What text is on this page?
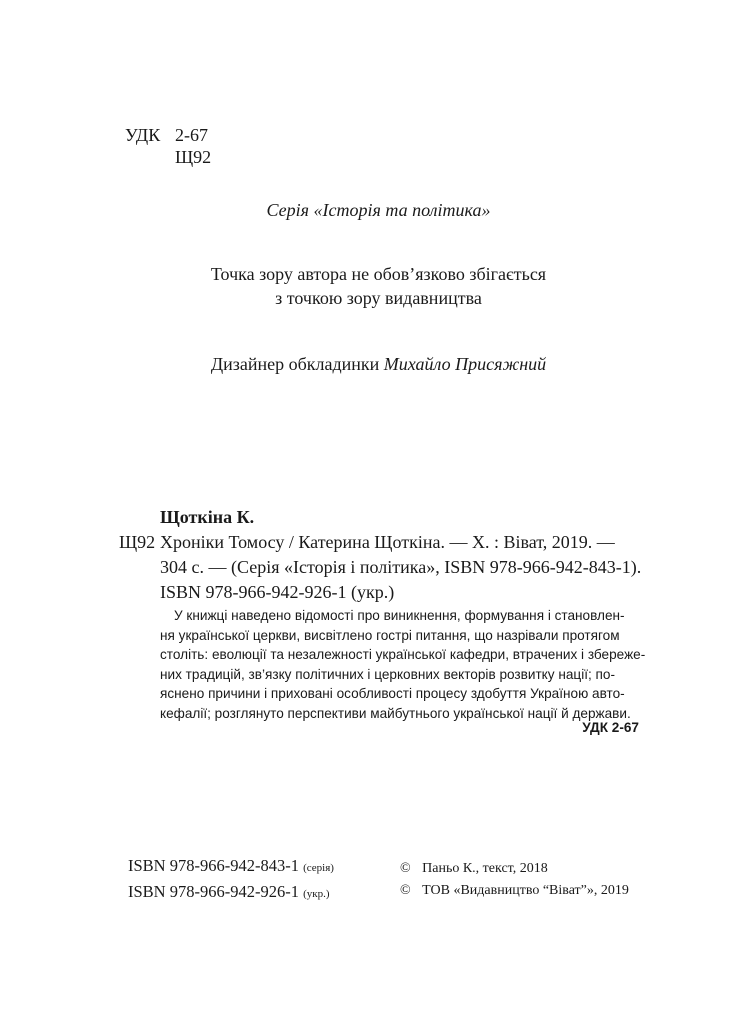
УДК 2-67
Щ92
Серія «Історія та політика»
Точка зору автора не обов’язково збігається
з точкою зору видавництва
Дизайнер обкладинки Михайло Присяжний
Щоткіна К.
Щ92 Хроніки Томосу / Катерина Щоткіна. — Х. : Віват, 2019. —
304 с. — (Серія «Історія і політика», ISBN 978-966-942-843-1).
ISBN 978-966-942-926-1 (укр.)
У книжці наведено відомості про виникнення, формування і становлен-
ня української церкви, висвітлено гострі питання, що назрівали протягом
століть: еволюції та незалежності української кафедри, втрачених і збереже-
них традицій, зв’язку політичних і церковних векторів розвитку нації; по-
яснено причини і приховані особливості процесу здобуття Україною авто-
кефалії; розглянуто перспективи майбутнього української нації й держави.
УДК 2-67
ISBN 978-966-942-843-1 (серія)
ISBN 978-966-942-926-1 (укр.)
© Паньо К., текст, 2018
© ТОВ «Видавництво “Віват”», 2019
